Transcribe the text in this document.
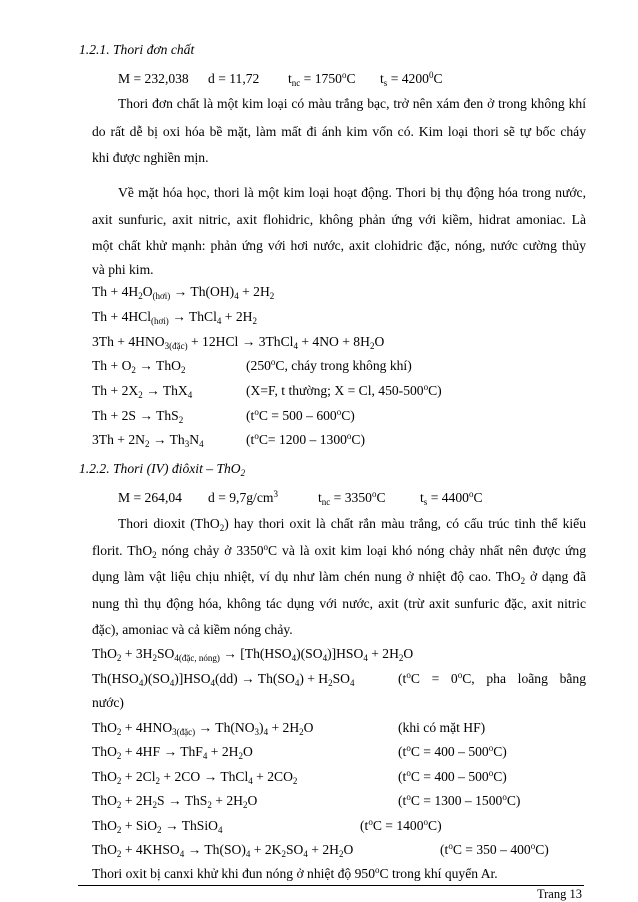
1.2.1. Thori đơn chất
M = 232,038 d = 11,72 $t_{nc} = 1750^oC$ $t_s = 4200^0C$
Thori đơn chất là một kim loại có màu trắng bạc, trở nên xám đen ở trong không khí
do rất dễ bị oxi hóa bề mặt, làm mất đi ánh kim vốn có. Kim loại thori sẽ tự bốc cháy
khi được nghiền mịn.
Về mặt hóa học, thori là một kim loại hoạt động. Thori bị thụ động hóa trong nước,
axit sunfuric, axit nitric, axit flohidric, không phản ứng với kiềm, hidrat amoniac. Là
một chất khử mạnh: phản ứng với hơi nước, axit clohidric đặc, nóng, nước cường thủy
và phi kim.
$Th + 4H_2O_{(hơi)} \to Th(OH)_4 + 2H_2$
Th + 4HCl$_{(hơi)}$ → ThCl$_4$ + $2H_2$
$3Th + 4HNO_{3(đặc)} + 12HCl$ → 3ThCl$_4$ + $4NO + 8H_2O$
$Th + O_2 \to ThO_2$	(250$^o$C, cháy trong không khí)
$Th + 2X_2 \to ThX_4$	(X=F, t thường; X = Cl, 450-500$^o$C)
Th + 2S → ThS$_2$	$(t^oC = 500 - 600^oC)$
$3Th + 2N_2 \to Th_3N_4$	$(t^oC= 1200 - 1300^oC)$
1.2.2. Thori (IV) điôxit – ThO$_2$
M = 264,04 $d = 9,7g/cm^3$	$t_{nc} = 3350^oC$	$t_s = 4400^oC$
Thori dioxit (ThO$_2$) hay thori oxit là chất rắn màu trắng, có cấu trúc tinh thể kiểu
florit. ThO$_2$ nóng chảy ở 3350$^o$C và là oxit kim loại khó nóng chảy nhất nên được ứng
dụng làm vật liệu chịu nhiệt, ví dụ như làm chén nung ở nhiệt độ cao. ThO$_2$ ở dạng đã
nung thì thụ động hóa, không tác dụng với nước, axit (trừ axit sunfuric đặc, axit nitric
đặc), amoniac và cả kiềm nóng chảy.
$ThO_2 + 3H_2SO_{4(đặc, nóng)} \to [Th(HSO_4)(SO_4)]HSO_4 + 2H_2O$
$Th(HSO_4)(SO_4)]HSO_4(dd) \to Th(SO_4) + H_2SO_4$	($t^oC = 0^oC$, pha loãng bằng
nước)
$ThO_2 + 4HNO_{3(đặc)} \to Th(NO_3)_4 + 2H_2O$	(khi có mặt HF)
$ThO_2 + 4HF \to ThF_4 + 2H_2O$	$(t^oC = 400 - 500^oC)$
$ThO_2 + 2Cl_2 + 2CO$ → ThCl$_4$ + $2CO_2$	$(t^oC = 400 - 500^oC)$
$ThO_2 + 2H_2S \to ThS_2 + 2H_2O$	$(t^oC = 1300 - 1500^oC)$
ThO$_2$ + SiO$_2$ → ThSiO$_4$	$(t^oC = 1400^oC)$
$ThO_2 + 4KHSO_4 \to Th(SO)_4 + 2K_2SO_4 + 2H_2O$	$(t^oC = 350 - 400^oC)$
Thori oxit bị canxi khử khi đun nóng ở nhiệt độ 950$^o$C trong khí quyển Ar.
Trang 13
